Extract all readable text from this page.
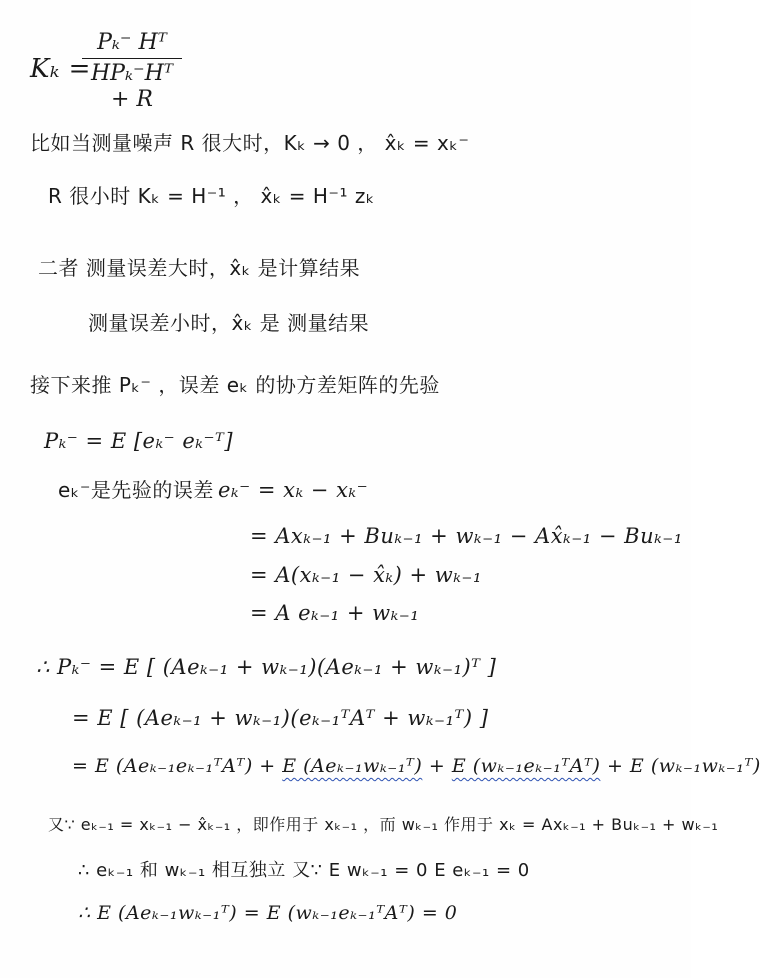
Kₖ =
Pₖ⁻ Hᵀ
HPₖ⁻Hᵀ + R
比如当测量噪声 R 很大时，Kₖ → 0 ， x̂ₖ = xₖ⁻
R 很小时 Kₖ = H⁻¹ ， x̂ₖ = H⁻¹ zₖ
二者 测量误差大时，x̂ₖ 是计算结果
测量误差小时，x̂ₖ 是 测量结果
接下来推 Pₖ⁻ ，误差 eₖ 的协方差矩阵的先验
Pₖ⁻ = E [eₖ⁻ eₖ⁻ᵀ]
eₖ⁻是先验的误差 eₖ⁻ = xₖ − xₖ⁻
= Axₖ₋₁ + Buₖ₋₁ + wₖ₋₁ − Ax̂ₖ₋₁ − Buₖ₋₁
= A(xₖ₋₁ − x̂ₖ) + wₖ₋₁
= A eₖ₋₁ + wₖ₋₁
∴ Pₖ⁻ = E [ (Aeₖ₋₁ + wₖ₋₁)(Aeₖ₋₁ + wₖ₋₁)ᵀ ]
= E [ (Aeₖ₋₁ + wₖ₋₁)(eₖ₋₁ᵀAᵀ + wₖ₋₁ᵀ) ]
= E (Aeₖ₋₁eₖ₋₁ᵀAᵀ) + E (Aeₖ₋₁wₖ₋₁ᵀ) + E (wₖ₋₁eₖ₋₁ᵀAᵀ) + E (wₖ₋₁wₖ₋₁ᵀ)
又∵ eₖ₋₁ = xₖ₋₁ − x̂ₖ₋₁ ，即作用于 xₖ₋₁ ，而 wₖ₋₁ 作用于 xₖ = Axₖ₋₁ + Buₖ₋₁ + wₖ₋₁
∴ eₖ₋₁ 和 wₖ₋₁ 相互独立 又∵ E wₖ₋₁ = 0 E eₖ₋₁ = 0
∴ E (Aeₖ₋₁wₖ₋₁ᵀ) = E (wₖ₋₁eₖ₋₁ᵀAᵀ) = 0
